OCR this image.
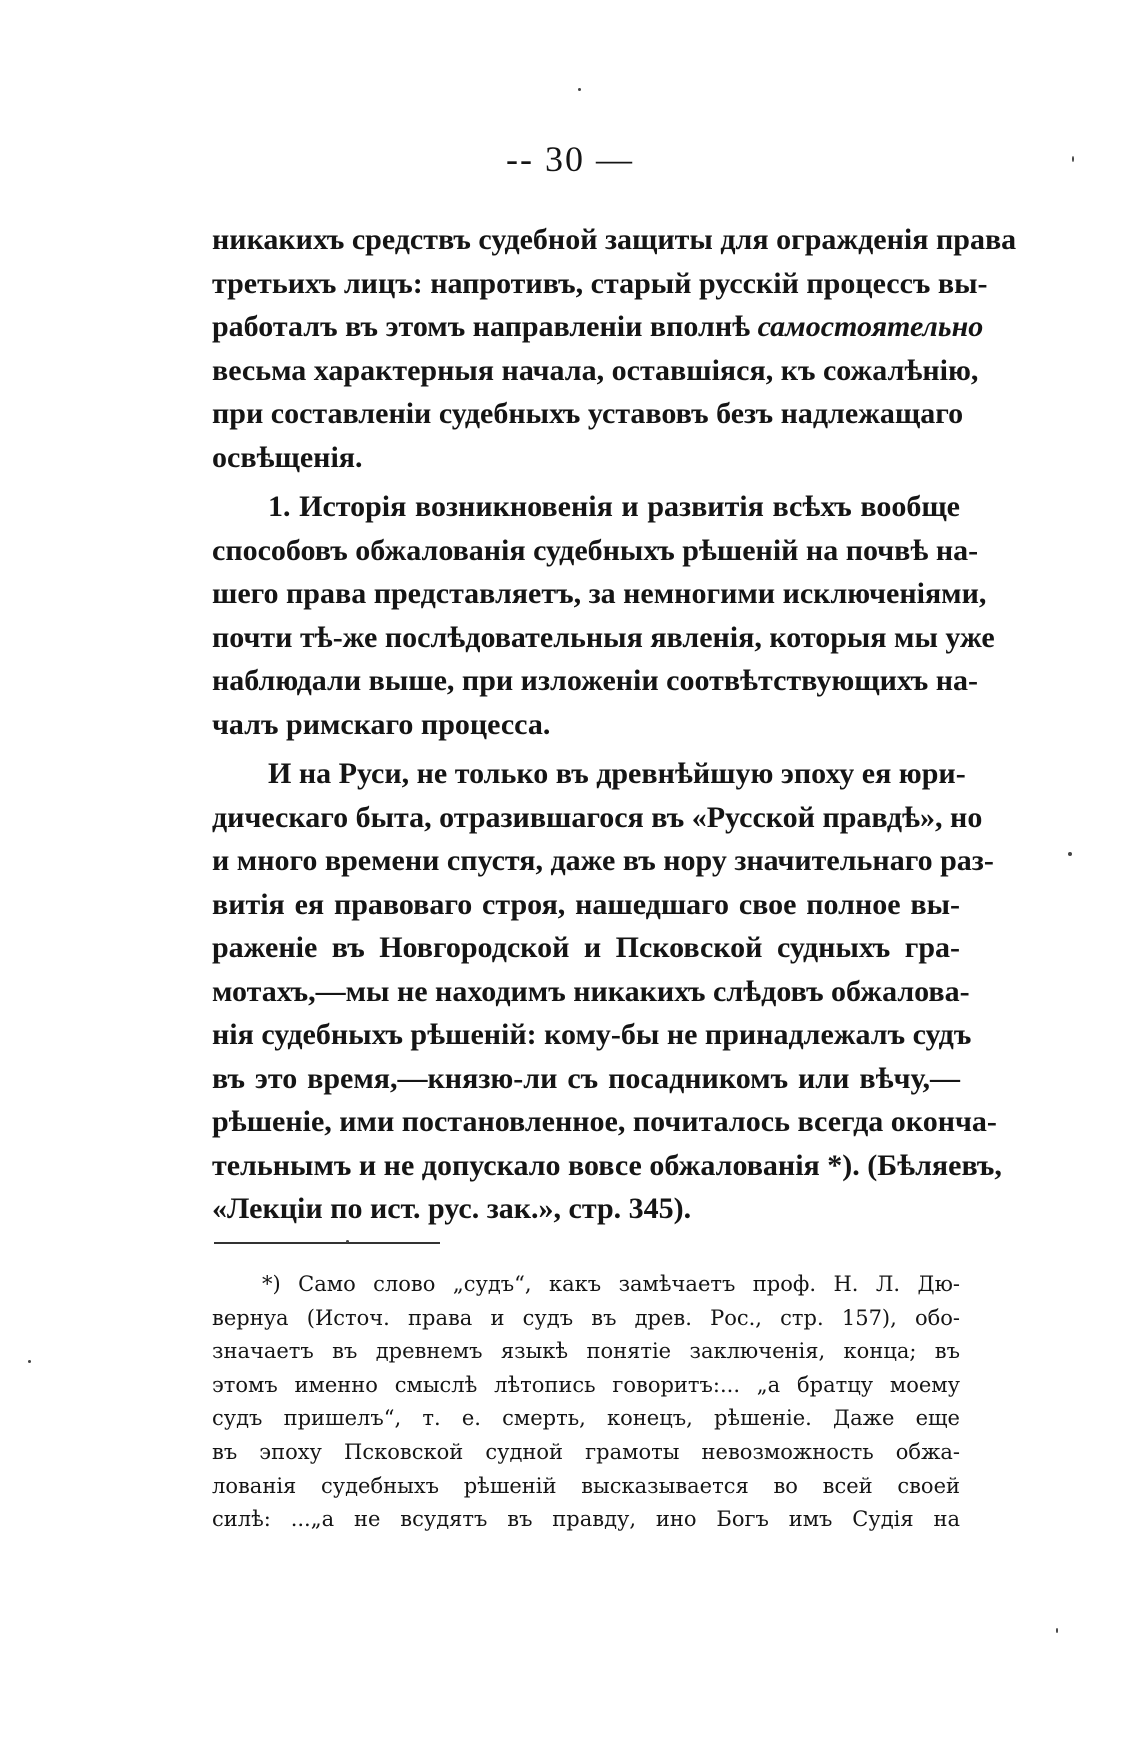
-- 30 —
никакихъ средствъ судебной защиты для огражденія права
третьихъ лицъ: напротивъ, старый русскій процессъ вы-
работалъ въ этомъ направленіи вполнѣ самостоятельно
весьма характерныя начала, оставшіяся, къ сожалѣнію,
при составленіи судебныхъ уставовъ безъ надлежащаго
освѣщенія.
1. Исторія возникновенія и развитія всѣхъ вообще
способовъ обжалованія судебныхъ рѣшеній на почвѣ на-
шего права представляетъ, за немногими исключеніями,
почти тѣ-же послѣдовательныя явленія, которыя мы уже
наблюдали выше, при изложеніи соотвѣтствующихъ на-
чалъ римскаго процесса.
И на Руси, не только въ древнѣйшую эпоху ея юри-
дическаго быта, отразившагося въ «Русской правдѣ», но
и много времени спустя, даже въ нору значительнаго раз-
витія ея правоваго строя, нашедшаго свое полное вы-
раженіе въ Новгородской и Псковской судныхъ гра-
мотахъ,—мы не находимъ никакихъ слѣдовъ обжалова-
нія судебныхъ рѣшеній: кому-бы не принадлежалъ судъ
въ это время,—князю-ли съ посадникомъ или вѣчу,—
рѣшеніе, ими постановленное, почиталось всегда оконча-
тельнымъ и не допускало вовсе обжалованія *). (Бѣляевъ,
«Лекціи по ист. рус. зак.», стр. 345).
*) Само слово „судъ“, какъ замѣчаетъ проф. Н. Л. Дю-
вернуа (Источ. права и судъ въ древ. Рос., стр. 157), обо-
значаетъ въ древнемъ языкѣ понятіе заключенія, конца; въ
этомъ именно смыслѣ лѣтопись говоритъ:... „а братцу моему
судъ пришелъ“, т. е. смерть, конецъ, рѣшеніе. Даже еще
въ эпоху Псковской судной грамоты невозможность обжа-
лованія судебныхъ рѣшеній высказывается во всей своей
силѣ: ...„а не всудятъ въ правду, ино Богъ имъ Судія на
